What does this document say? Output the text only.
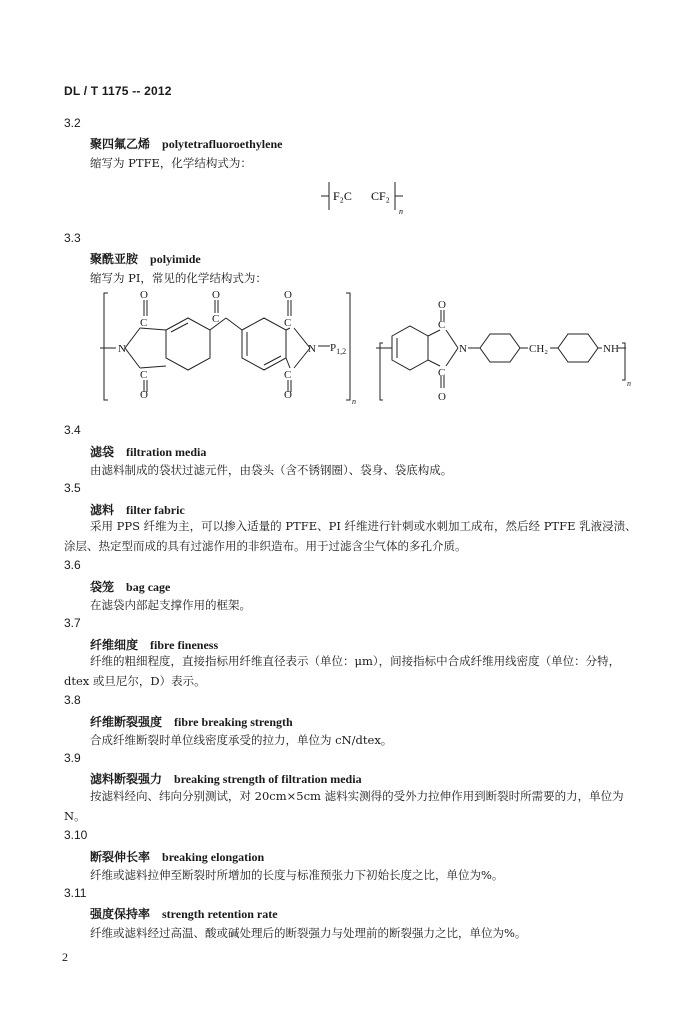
DL / T 1175 -- 2012
3.2
聚四氟乙烯 polytetrafluoroethylene
缩写为 PTFE，化学结构式为：
F₂C CF₂
n
3.3
聚酰亚胺 polyimide
缩写为 PI，常见的化学结构式为：
O
C
N
C
O
O
C
O
C
N
C
O
$P_{1,2}$
n
O
C
N
C
O
CH₂	NH
n
3.4
滤袋 filtration media
由滤料制成的袋状过滤元件，由袋头（含不锈钢圈）、袋身、袋底构成。
3.5
滤料 filter fabric
采用 PPS 纤维为主，可以掺入适量的 PTFE、PI 纤维进行针刺或水刺加工成布，然后经 PTFE 乳液浸渍、涂层、热定型而成的具有过滤作用的非织造布。用于过滤含尘气体的多孔介质。
3.6
袋笼 bag cage
在滤袋内部起支撑作用的框架。
3.7
纤维细度 fibre fineness
纤维的粗细程度，直接指标用纤维直径表示（单位：μm），间接指标中合成纤维用线密度（单位：分特，dtex 或旦尼尔，D）表示。
3.8
纤维断裂强度 fibre breaking strength
合成纤维断裂时单位线密度承受的拉力，单位为 cN/dtex。
3.9
滤料断裂强力 breaking strength of filtration media
按滤料经向、纬向分别测试，对 20cm×5cm 滤料实测得的受外力拉伸作用到断裂时所需要的力，单位为 N。
3.10
断裂伸长率 breaking elongation
纤维或滤料拉伸至断裂时所增加的长度与标准预张力下初始长度之比，单位为%。
3.11
强度保持率 strength retention rate
纤维或滤料经过高温、酸或碱处理后的断裂强力与处理前的断裂强力之比，单位为%。
2
